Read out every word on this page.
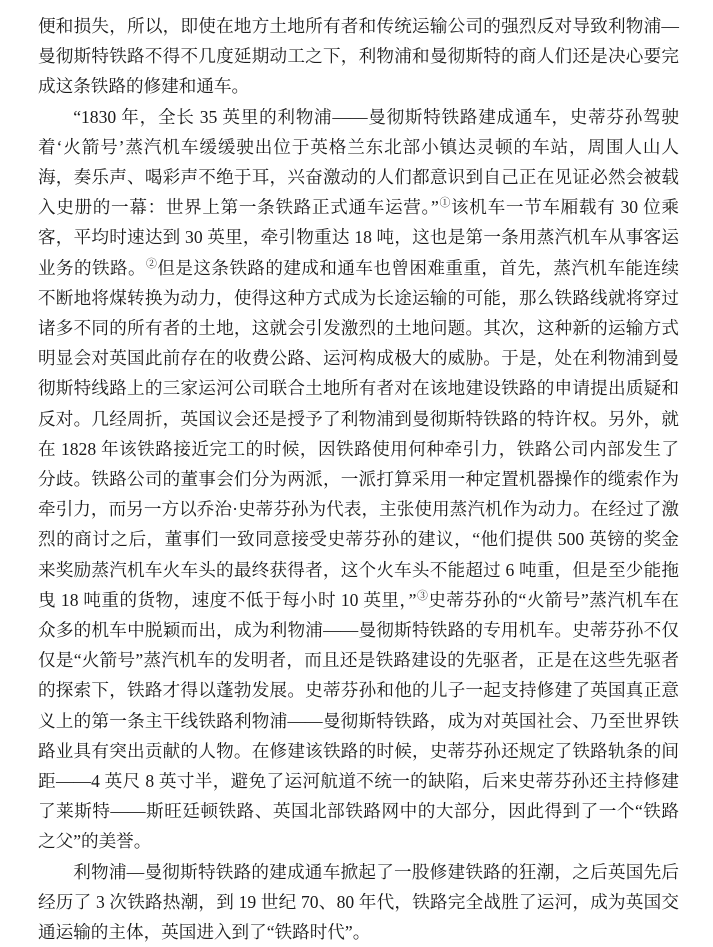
便和损失，所以，即使在地方土地所有者和传统运输公司的强烈反对导致利物浦—曼彻斯特铁路不得不几度延期动工之下，利物浦和曼彻斯特的商人们还是决心要完成这条铁路的修建和通车。

“1830 年，全长 35 英里的利物浦——曼彻斯特铁路建成通车，史蒂芬孙驾驶着‘火箭号’蒸汽机车缓缓驶出位于英格兰东北部小镇达灵顿的车站，周围人山人海，奏乐声、喝彩声不绝于耳，兴奋激动的人们都意识到自己正在见证必然会被载入史册的一幕：世界上第一条铁路正式通车运营。”①该机车一节车厢载有 30 位乘客，平均时速达到 30 英里，牵引物重达 18 吨，这也是第一条用蒸汽机车从事客运业务的铁路。②但是这条铁路的建成和通车也曾困难重重，首先，蒸汽机车能连续不断地将煤转换为动力，使得这种方式成为长途运输的可能，那么铁路线就将穿过诸多不同的所有者的土地，这就会引发激烈的土地问题。其次，这种新的运输方式明显会对英国此前存在的收费公路、运河构成极大的威胁。于是，处在利物浦到曼彻斯特线路上的三家运河公司联合土地所有者对在该地建设铁路的申请提出质疑和反对。几经周折，英国议会还是授予了利物浦到曼彻斯特铁路的特许权。另外，就在 1828 年该铁路接近完工的时候，因铁路使用何种牵引力，铁路公司内部发生了分歧。铁路公司的董事会们分为两派，一派打算采用一种定置机器操作的缆索作为牵引力，而另一方以乔治·史蒂芬孙为代表，主张使用蒸汽机作为动力。在经过了激烈的商讨之后，董事们一致同意接受史蒂芬孙的建议，“他们提供 500 英镑的奖金来奖励蒸汽机车火车头的最终获得者，这个火车头不能超过 6 吨重，但是至少能拖曳 18 吨重的货物，速度不低于每小时 10 英里，”③史蒂芬孙的“火箭号”蒸汽机车在众多的机车中脱颖而出，成为利物浦——曼彻斯特铁路的专用机车。史蒂芬孙不仅仅是“火箭号”蒸汽机车的发明者，而且还是铁路建设的先驱者，正是在这些先驱者的探索下，铁路才得以蓬勃发展。史蒂芬孙和他的儿子一起支持修建了英国真正意义上的第一条主干线铁路利物浦——曼彻斯特铁路，成为对英国社会、乃至世界铁路业具有突出贡献的人物。在修建该铁路的时候，史蒂芬孙还规定了铁路轨条的间距——4 英尺 8 英寸半，避免了运河航道不统一的缺陷，后来史蒂芬孙还主持修建了莱斯特——斯旺廷顿铁路、英国北部铁路网中的大部分，因此得到了一个“铁路之父”的美誉。

利物浦—曼彻斯特铁路的建成通车掀起了一股修建铁路的狂潮，之后英国先后经历了 3 次铁路热潮，到 19 世纪 70、80 年代，铁路完全战胜了运河，成为英国交通运输的主体，英国进入到了“铁路时代”。
